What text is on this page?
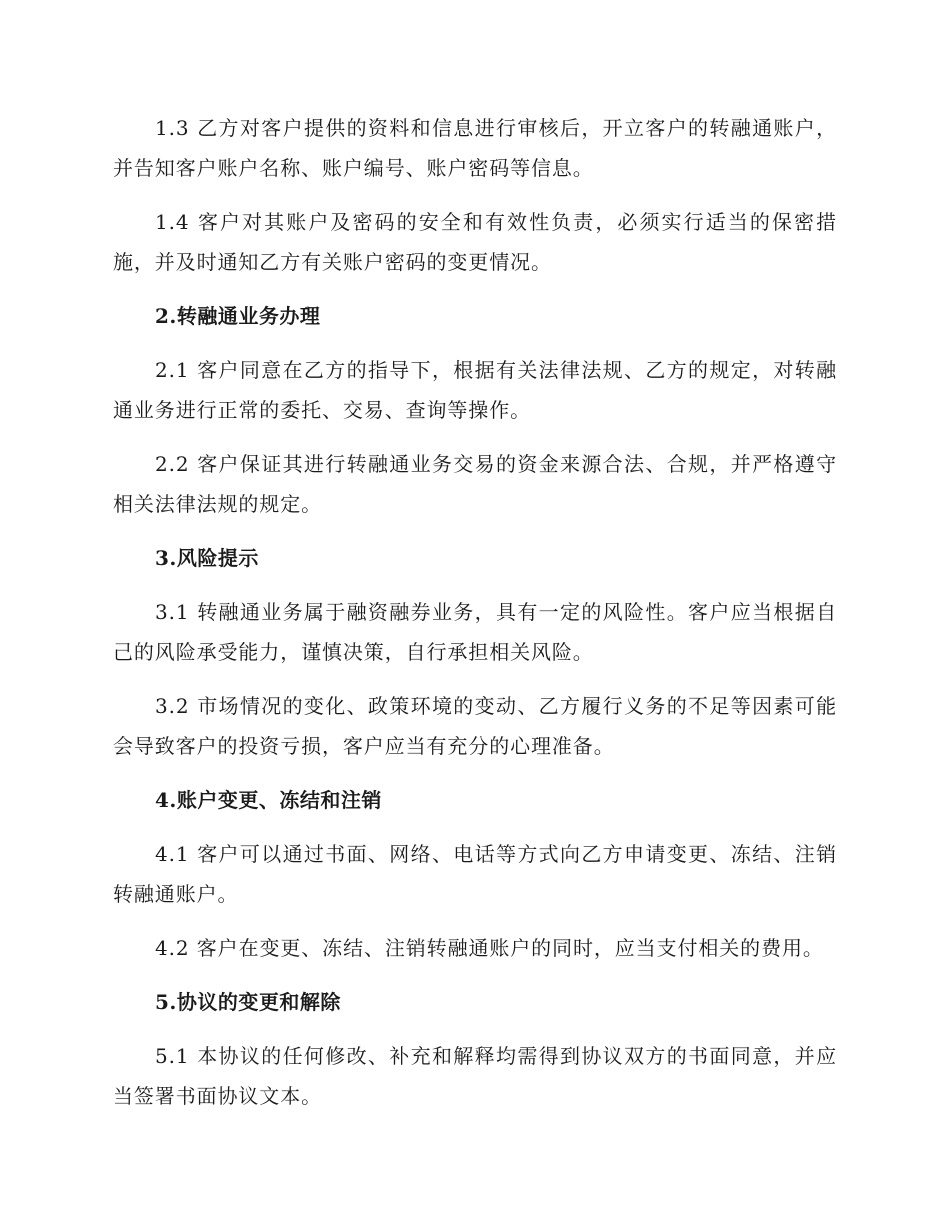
1.3 乙方对客户提供的资料和信息进行审核后，开立客户的转融通账户，并告知客户账户名称、账户编号、账户密码等信息。

1.4 客户对其账户及密码的安全和有效性负责，必须实行适当的保密措施，并及时通知乙方有关账户密码的变更情况。

2.转融通业务办理

2.1 客户同意在乙方的指导下，根据有关法律法规、乙方的规定，对转融通业务进行正常的委托、交易、查询等操作。

2.2 客户保证其进行转融通业务交易的资金来源合法、合规，并严格遵守相关法律法规的规定。

3.风险提示

3.1 转融通业务属于融资融券业务，具有一定的风险性。客户应当根据自己的风险承受能力，谨慎决策，自行承担相关风险。

3.2 市场情况的变化、政策环境的变动、乙方履行义务的不足等因素可能会导致客户的投资亏损，客户应当有充分的心理准备。

4.账户变更、冻结和注销

4.1 客户可以通过书面、网络、电话等方式向乙方申请变更、冻结、注销转融通账户。

4.2 客户在变更、冻结、注销转融通账户的同时，应当支付相关的费用。

5.协议的变更和解除

5.1 本协议的任何修改、补充和解释均需得到协议双方的书面同意，并应当签署书面协议文本。
